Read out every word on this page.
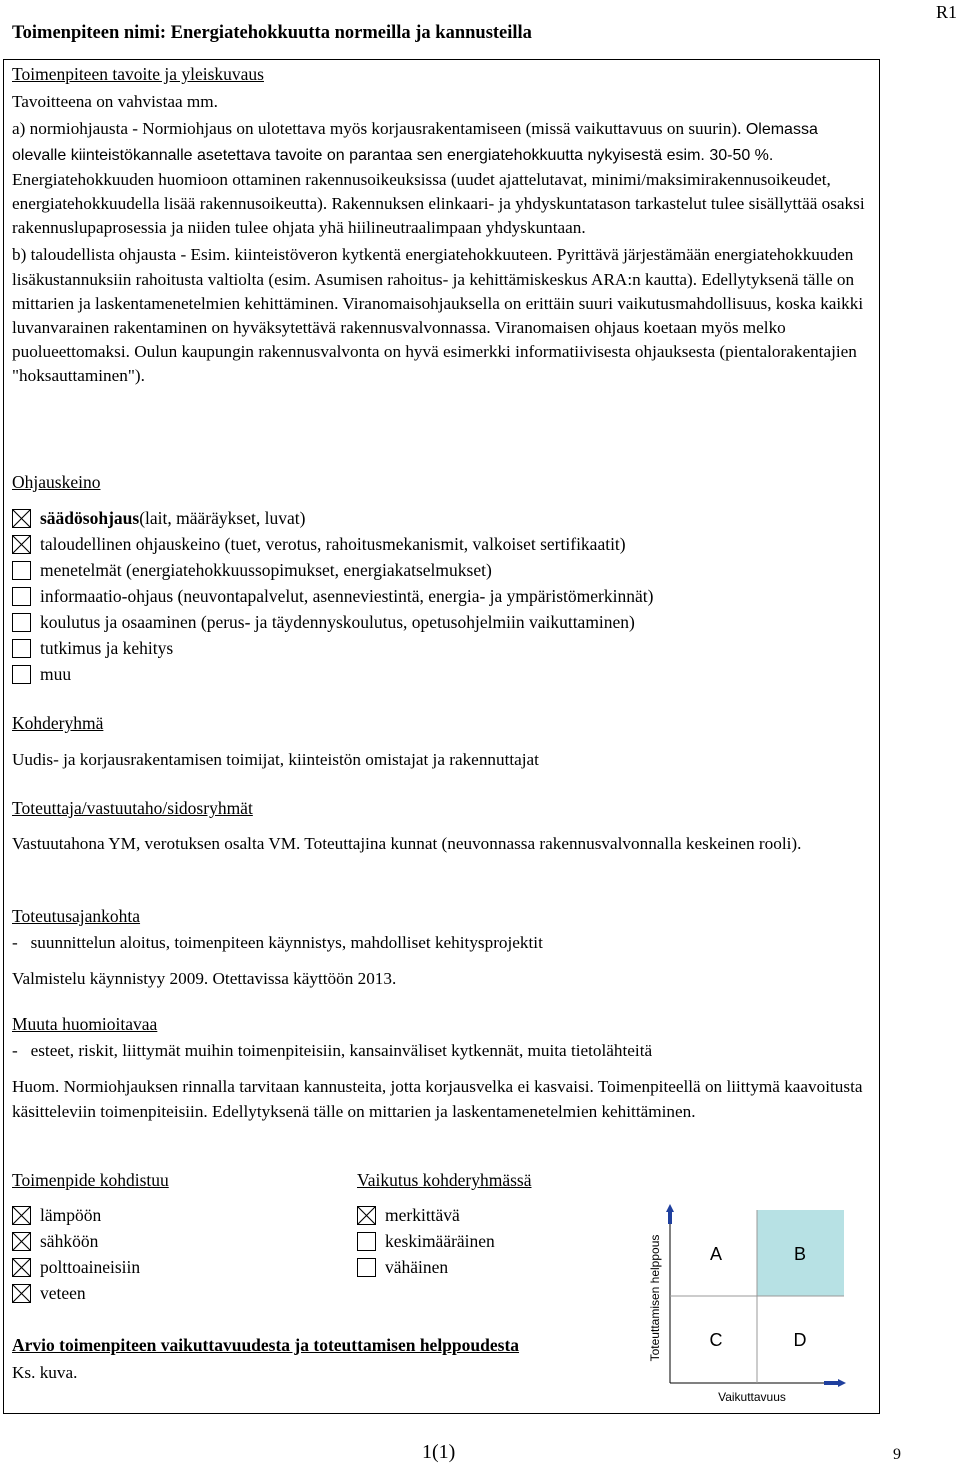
Toimenpiteen nimi: Energiatehokkuutta normeilla ja kannusteilla
R1

Toimenpiteen tavoite ja yleiskuvaus

Tavoitteena on vahvistaa mm.

a) normiohjausta - Normiohjaus on ulotettava myös korjausrakentamiseen (missä vaikuttavuus on suurin). Olemassa olevalle kiinteistökannalle asetettava tavoite on parantaa sen energiatehokkuutta nykyisestä esim. 30-50 %. Energiatehokkuuden huomioon ottaminen rakennusoikeuksissa (uudet ajattelutavat, minimi/maksimirakennusoikeudet, energiatehokkuudella lisää rakennusoikeutta). Rakennuksen elinkaari- ja yhdyskuntatason tarkastelut tulee sisällyttää osaksi rakennuslupaprosessia ja niiden tulee ohjata yhä hiilineutraalimpaan yhdyskuntaan.

b) taloudellista ohjausta - Esim. kiinteistöveron kytkentä energiatehokkuuteen. Pyrittävä järjestämään energiatehokkuuden lisäkustannuksiin rahoitusta valtiolta (esim. Asumisen rahoitus- ja kehittämiskeskus ARA:n kautta). Edellytyksenä tälle on mittarien ja laskentamenetelmien kehittäminen. Viranomaisohjauksella on erittäin suuri vaikutusmahdollisuus, koska kaikki luvanvarainen rakentaminen on hyväksytettävä rakennusvalvonnassa. Viranomaisen ohjaus koetaan myös melko puolueettomaksi. Oulun kaupungin rakennusvalvonta on hyvä esimerkki informatiivisesta ohjauksesta (pientalorakentajien "hoksauttaminen").

Ohjauskeino

säädösohjaus (lait, määräykset, luvat)
taloudellinen ohjauskeino (tuet, verotus, rahoitusmekanismit, valkoiset sertifikaatit)
menetelmät (energiatehokkuussopimukset, energiakatselmukset)
informaatio-ohjaus (neuvontapalvelut, asenneviestintä, energia- ja ympäristömerkinnät)
koulutus ja osaaminen (perus- ja täydennyskoulutus, opetusohjelmiin vaikuttaminen)
tutkimus ja kehitys
muu

Kohderyhmä

Uudis- ja korjausrakentamisen toimijat, kiinteistön omistajat ja rakennuttajat

Toteuttaja/vastuutaho/sidosryhmät

Vastuutahona YM, verotuksen osalta VM. Toteuttajina kunnat (neuvonnassa rakennusvalvonnalla keskeinen rooli).

Toteutusajankohta

-   suunnittelun aloitus, toimenpiteen käynnistys, mahdolliset kehitysprojektit

Valmistelu käynnistyy 2009. Otettavissa käyttöön 2013.

Muuta huomioitavaa

-   esteet, riskit, liittymät muihin toimenpiteisiin, kansainväliset kytkennät, muita tietolähteitä

Huom. Normiohjauksen rinnalla tarvitaan kannusteita, jotta korjausvelka ei kasvaisi. Toimenpiteellä on liittymä kaavoitusta käsitteleviin toimenpiteisiin. Edellytyksenä tälle on mittarien ja laskentamenetelmien kehittäminen.

Toimenpide kohdistuu

lämpöön
sähköön
polttoaineisiin
veteen

Vaikutus kohderyhmässä

merkittävä
keskimääräinen
vähäinen

Arvio toimenpiteen vaikuttavuudesta ja toteuttamisen helppoudesta

Ks. kuva.

A	B
C	D
Vaikuttavuus
Toteuttamisen helppous
1(1)	9
